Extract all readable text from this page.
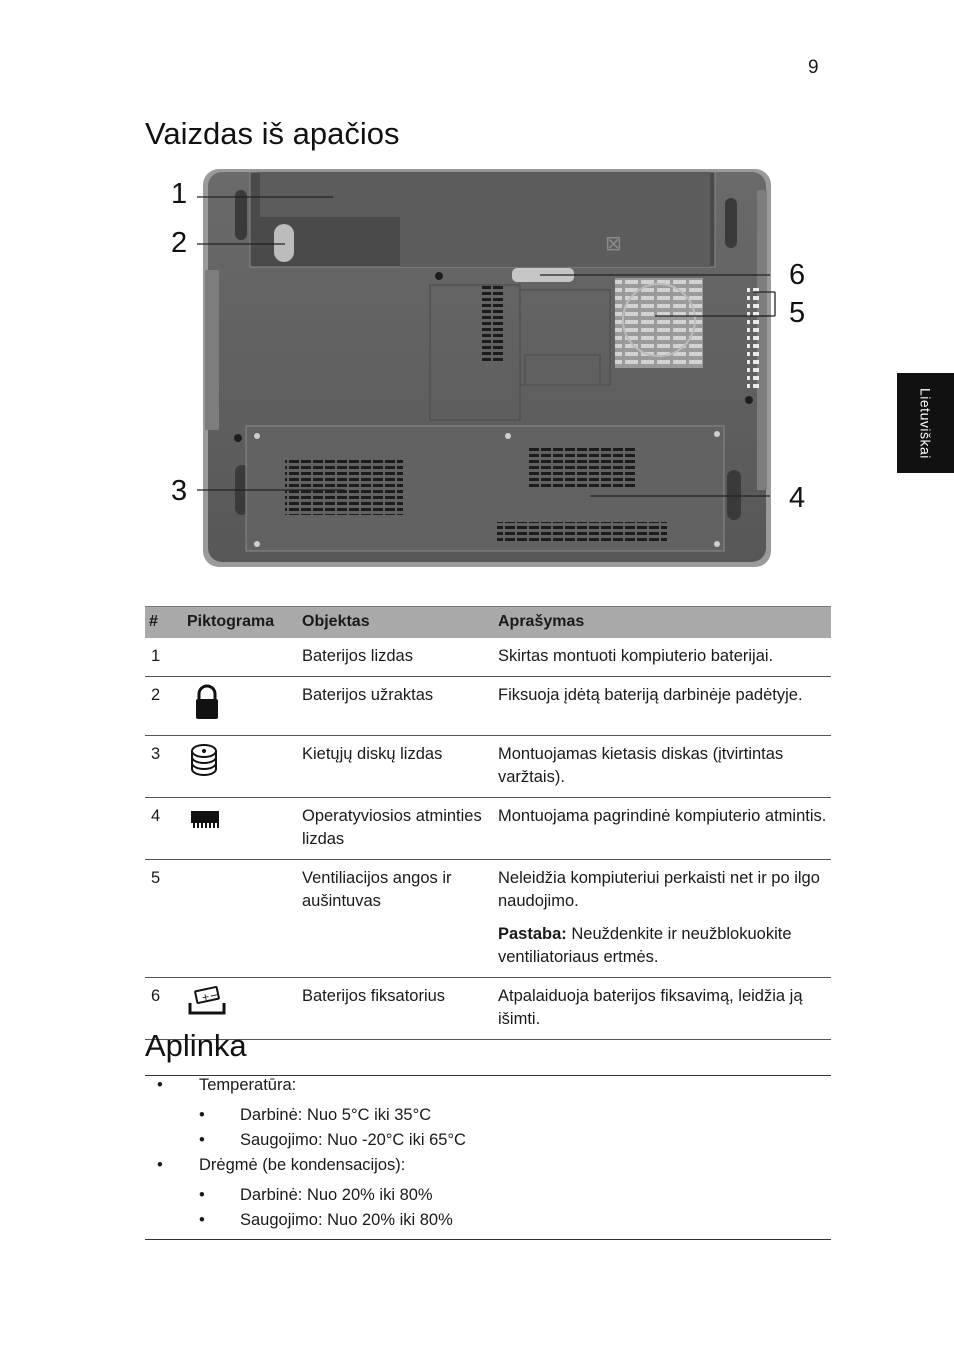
9
Lietuviškai
Vaizdas iš apačios
⊠
1
2
3	4
5
6
#	Piktograma	Objektas	Aprašymas
1		Baterijos lizdas	Skirtas montuoti kompiuterio baterijai.
2		Baterijos užraktas	Fiksuoja įdėtą bateriją darbinėje padėtyje.
3		Kietųjų diskų lizdas	Montuojamas kietasis diskas (įtvirtintas varžtais).
4		Operatyviosios atminties lizdas	Montuojama pagrindinė kompiuterio atmintis.
5		Ventiliacijos angos ir aušintuvas	Neleidžia kompiuteriui perkaisti net ir po ilgo naudojimo.
Pastaba: Neuždenkite ir neužblokuokite ventiliatoriaus ertmės.

6	+−	Baterijos fiksatorius	Atpalaiduoja baterijos fiksavimą, leidžia ją išimti.
Aplinka
• Temperatūra:
• Darbinė: Nuo 5°C iki 35°C
• Saugojimo: Nuo -20°C iki 65°C
• Drėgmė (be kondensacijos):
• Darbinė: Nuo 20% iki 80%
• Saugojimo: Nuo 20% iki 80%
